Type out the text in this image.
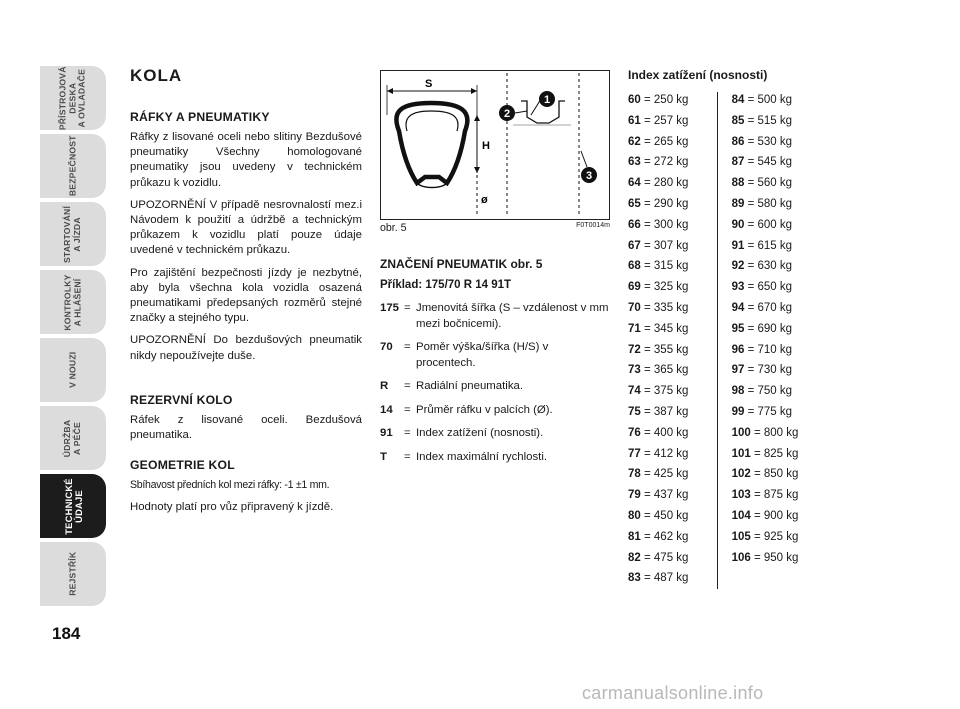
PŘÍSTROJOVÁ DESKA A OVLADAČE
BEZPEČNOST
STARTOVÁNÍ A JÍZDA
KONTROLKY A HLÁŠENÍ
V NOUZI
ÚDRŽBA A PÉČE
TECHNICKÉ
ÚDAJE
REJSTŘÍK
184
KOLA
RÁFKY A PNEUMATIKY

Ráfky z lisované oceli nebo slitiny Bezdušové pneumatiky Všechny homologované pneumatiky jsou uvedeny v technickém průkazu k vozidlu.

UPOZORNĚNÍ V případě nesrovnalostí mez.i Návodem k použití a údržbě a technickým průkazem k vozidlu platí pouze údaje uvedené v technickém průkazu.

Pro zajištění bezpečnosti jízdy je nezbytné, aby byla všechna kola vozidla osazená pneumatikami předepsaných rozměrů stejné značky a stejného typu.

UPOZORNĚNÍ Do bezdušových pneumatik nikdy nepoužívejte duše.

REZERVNÍ KOLO

Ráfek z lisované oceli. Bezdušová pneumatika.

GEOMETRIE KOL

Sbíhavost předních kol mezi ráfky: -1 ±1 mm.

Hodnoty platí pro vůz připravený k jízdě.

S
H
ø
1
2
3
obr. 5	F0T0014m
ZNAČENÍ PNEUMATIK obr. 5
Příklad: 175/70 R 14 91T
175 = Jmenovitá šířka (S – vzdálenost v mm mezi bočnicemi).
70 = Poměr výška/šířka (H/S) v procentech.
R	= Radiální pneumatika.
14 = Průměr ráfku v palcích (Ø).
91 = Index zatížení (nosnosti).
T	= Index maximální rychlosti.
Index zatížení (nosnosti)
60 = 250 kg
61 = 257 kg
62 = 265 kg
63 = 272 kg
64 = 280 kg
65 = 290 kg
66 = 300 kg
67 = 307 kg
68 = 315 kg
69 = 325 kg
70 = 335 kg
71 = 345 kg
72 = 355 kg
73 = 365 kg
74 = 375 kg
75 = 387 kg
76 = 400 kg
77 = 412 kg
78 = 425 kg
79 = 437 kg
80 = 450 kg
81 = 462 kg
82 = 475 kg
83 = 487 kg
84 = 500 kg
85 = 515 kg
86 = 530 kg
87 = 545 kg
88 = 560 kg
89 = 580 kg
90 = 600 kg
91 = 615 kg
92 = 630 kg
93 = 650 kg
94 = 670 kg
95 = 690 kg
96 = 710 kg
97 = 730 kg
98 = 750 kg
99 = 775 kg
100 = 800 kg
101 = 825 kg
102 = 850 kg
103 = 875 kg
104 = 900 kg
105 = 925 kg
106 = 950 kg
carmanualsonline.info
